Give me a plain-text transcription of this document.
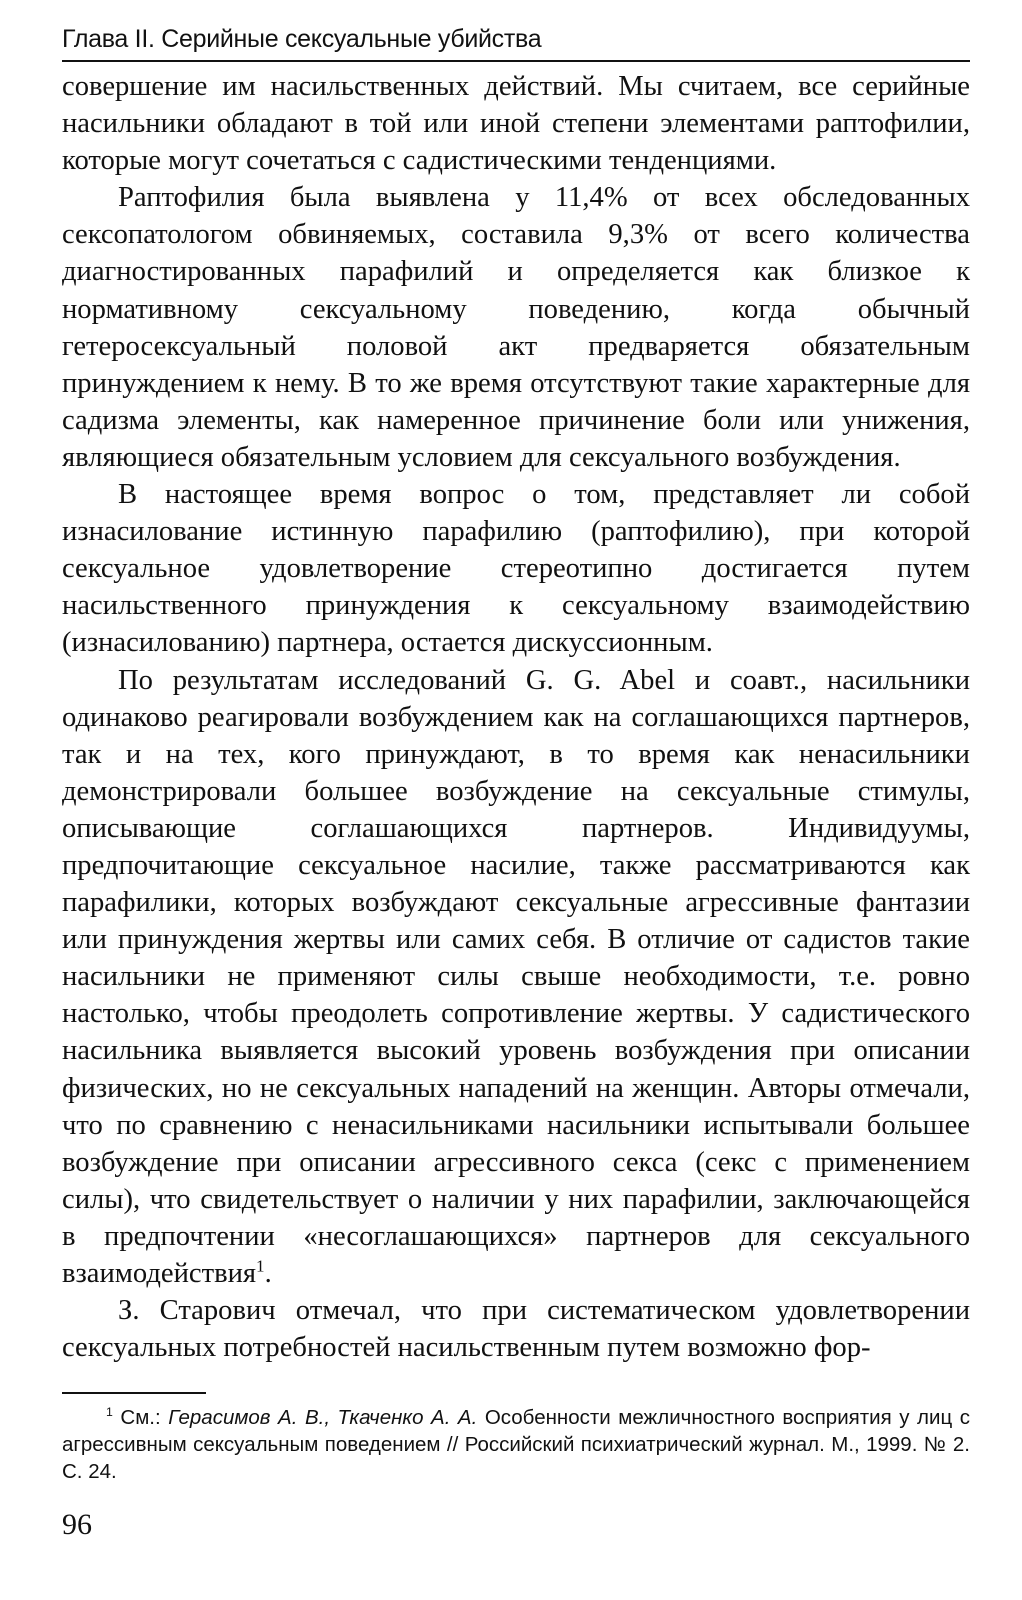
Глава II. Серийные сексуальные убийства

совершение им насильственных действий. Мы считаем, все серийные насильники обладают в той или иной степени элементами раптофилии, которые могут сочетаться с садистическими тенденциями.

Раптофилия была выявлена у 11,4% от всех обследованных сексопатологом обвиняемых, составила 9,3% от всего количества диагностированных парафилий и определяется как близкое к нормативному сексуальному поведению, когда обычный гетеросексуальный половой акт предваряется обязательным принуждением к нему. В то же время отсутствуют такие характерные для садизма элементы, как намеренное причинение боли или унижения, являющиеся обязательным условием для сексуального возбуждения.

В настоящее время вопрос о том, представляет ли собой изнасилование истинную парафилию (раптофилию), при которой сексуальное удовлетворение стереотипно достигается путем насильственного принуждения к сексуальному взаимодействию (изнасилованию) партнера, остается дискуссионным.

По результатам исследований G. G. Abel и соавт., насильники одинаково реагировали возбуждением как на соглашающихся партнеров, так и на тех, кого принуждают, в то время как ненасильники демонстрировали большее возбуждение на сексуальные стимулы, описывающие соглашающихся партнеров. Индивидуумы, предпочитающие сексуальное насилие, также рассматриваются как парафилики, которых возбуждают сексуальные агрессивные фантазии или принуждения жертвы или самих себя. В отличие от садистов такие насильники не применяют силы свыше необходимости, т.е. ровно настолько, чтобы преодолеть сопротивление жертвы. У садистического насильника выявляется высокий уровень возбуждения при описании физических, но не сексуальных нападений на женщин. Авторы отмечали, что по сравнению с ненасильниками насильники испытывали большее возбуждение при описании агрессивного секса (секс с применением силы), что свидетельствует о наличии у них парафилии, заключающейся в предпочтении «несоглашающихся» партнеров для сексуального взаимодействия$^1$.

З. Старович отмечал, что при систематическом удовлетворении сексуальных потребностей насильственным путем возможно фор-

$^1$ См.: Герасимов А. В., Ткаченко А. А. Особенности межличностного восприятия у лиц с агрессивным сексуальным поведением // Российский психиатрический журнал. М., 1999. № 2. С. 24.

96
